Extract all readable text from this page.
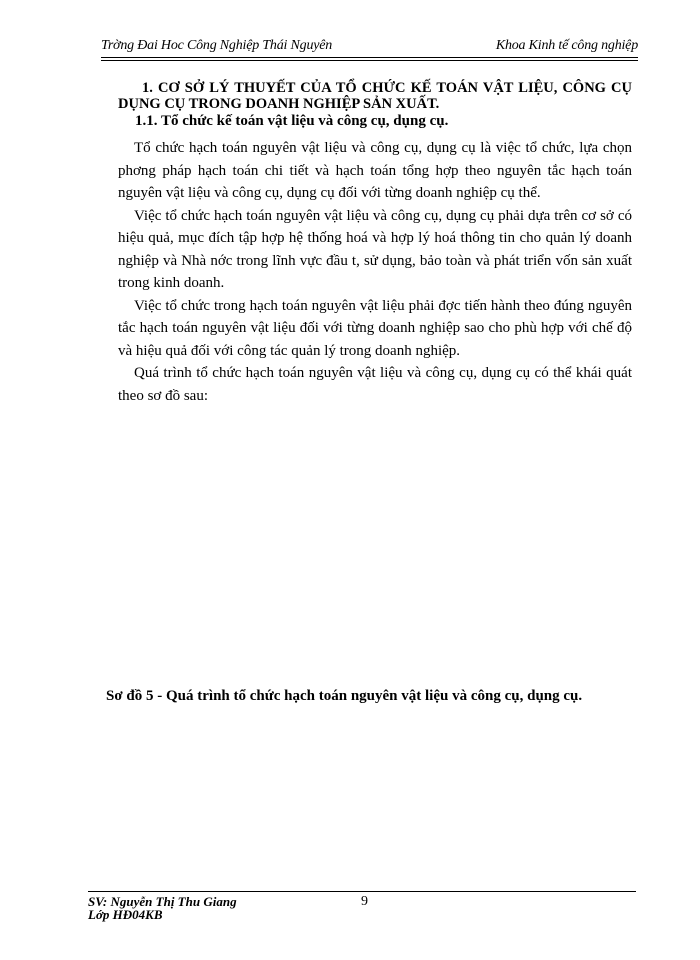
Trờng Đai Hoc Công Nghiệp Thái Nguyên	Khoa Kinh tế công nghiệp
1. CƠ SỞ LÝ THUYẾT CỦA TỔ CHỨC KẾ TOÁN VẬT LIỆU, CÔNG CỤ DỤNG CỤ TRONG DOANH NGHIỆP SẢN XUẤT.
1.1. Tổ chức kế toán vật liệu và công cụ, dụng cụ.

Tổ chức hạch toán nguyên vật liệu và công cụ, dụng cụ là việc tổ chức, lựa chọn phơng pháp hạch toán chi tiết và hạch toán tổng hợp theo nguyên tắc hạch toán nguyên vật liệu và công cụ, dụng cụ đối với từng doanh nghiệp cụ thể.

Việc tổ chức hạch toán nguyên vật liệu và công cụ, dụng cụ phải dựa trên cơ sở có hiệu quả, mục đích tập hợp hệ thống hoá và hợp lý hoá thông tin cho quản lý doanh nghiệp và Nhà nớc trong lĩnh vực đầu t, sử dụng, bảo toàn và phát triển vốn sản xuất trong kinh doanh.

Việc tổ chức trong hạch toán nguyên vật liệu phải đợc tiến hành theo đúng nguyên tắc hạch toán nguyên vật liệu đối với từng doanh nghiệp sao cho phù hợp với chế độ và hiệu quả đối với công tác quản lý trong doanh nghiệp.

Quá trình tổ chức hạch toán nguyên vật liệu và công cụ, dụng cụ có thể khái quát theo sơ đồ sau:

Sơ đồ 5 - Quá trình tổ chức hạch toán nguyên vật liệu và công cụ, dụng cụ.
SV: Nguyễn Thị Thu Giang
Lớp HĐ04KB
9
